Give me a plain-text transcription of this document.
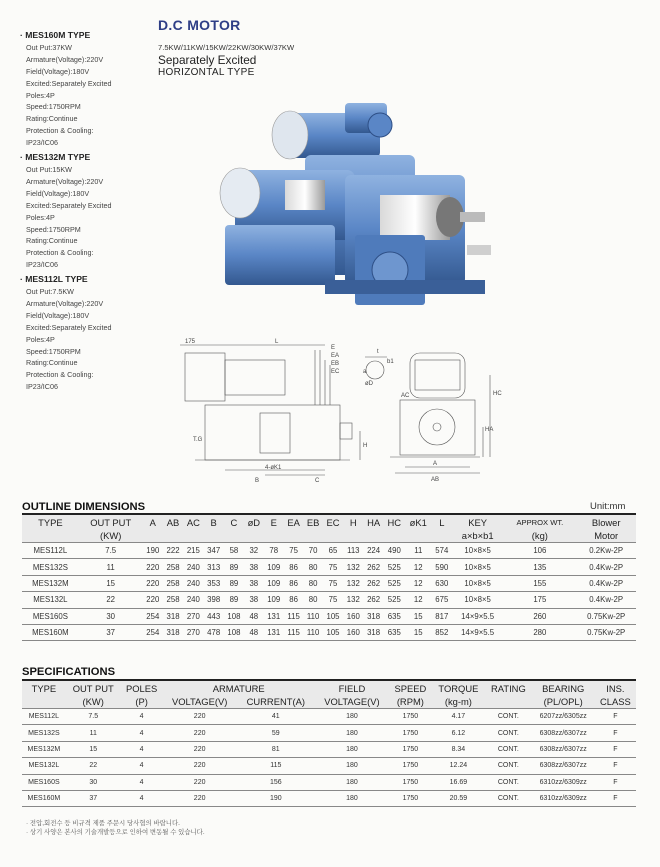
D.C MOTOR
7.5KW/11KW/15KW/22KW/30KW/37KW
Separately Excited
HORIZONTAL TYPE
· MES160M TYPE
Out Put:37KW
Armature(Voltage):220V
Field(Voltage):180V
Excited:Separately Excited
Poles:4P
Speed:1750RPM
Rating:Continue
Protection & Cooling:
IP23/IC06
· MES132M TYPE
Out Put:15KW
Armature(Voltage):220V
Field(Voltage):180V
Excited:Separately Excited
Poles:4P
Speed:1750RPM
Rating:Continue
Protection & Cooling:
IP23/IC06
· MES112L TYPE
Out Put:7.5KW
Armature(Voltage):220V
Field(Voltage):180V
Excited:Separately Excited
Poles:4P
Speed:1750RPM
Rating:Continue
Protection & Cooling:
IP23/IC06
175	L
E
EA
EB
EC
T.G
H
4-øK1
B	C
t
b1
a
øD
AC	HC
HA
A
AB
OUTLINE DIMENSIONS	Unit:mm
TYPE	OUT PUT	A	AB	AC	B	C	øD	E	EA	EB	EC	H	HA	HC	øK1	L	KEY	APPROX WT.	Blower
	(KW)																a×b×b1	(kg)	Motor
MES112L	7.5	190	222	215	347	58	32	78	75	70	65	113	224	490	11	574	10×8×5	106	0.2Kw-2P
MES132S	11	220	258	240	313	89	38	109	86	80	75	132	262	525	12	590	10×8×5	135	0.4Kw-2P
MES132M	15	220	258	240	353	89	38	109	86	80	75	132	262	525	12	630	10×8×5	155	0.4Kw-2P
MES132L	22	220	258	240	398	89	38	109	86	80	75	132	262	525	12	675	10×8×5	175	0.4Kw-2P
MES160S	30	254	318	270	443	108	48	131	115	110	105	160	318	635	15	817	14×9×5.5	260	0.75Kw-2P
MES160M	37	254	318	270	478	108	48	131	115	110	105	160	318	635	15	852	14×9×5.5	280	0.75Kw-2P
SPECIFICATIONS
TYPE	OUT PUT	POLES	ARMATURE		FIELD	SPEED	TORQUE	RATING	BEARING	INS.
	(KW)	(P)	VOLTAGE(V)	CURRENT(A)	VOLTAGE(V)	(RPM)	(kg-m)		(PL/OPL)	CLASS
MES112L	7.5	4	220	41	180	1750	4.17	CONT.	6207zz/6305zz	F
MES132S	11	4	220	59	180	1750	6.12	CONT.	6308zz/6307zz	F
MES132M	15	4	220	81	180	1750	8.34	CONT.	6308zz/6307zz	F
MES132L	22	4	220	115	180	1750	12.24	CONT.	6308zz/6307zz	F
MES160S	30	4	220	156	180	1750	16.69	CONT.	6310zz/6309zz	F
MES160M	37	4	220	190	180	1750	20.59	CONT.	6310zz/6309zz	F
· 전압,회전수 등 비규격 제품 주문시 당사협의 바랍니다.
· 상기 사양은 본사의 기술개발등으로 인하여 변동될 수 있습니다.
